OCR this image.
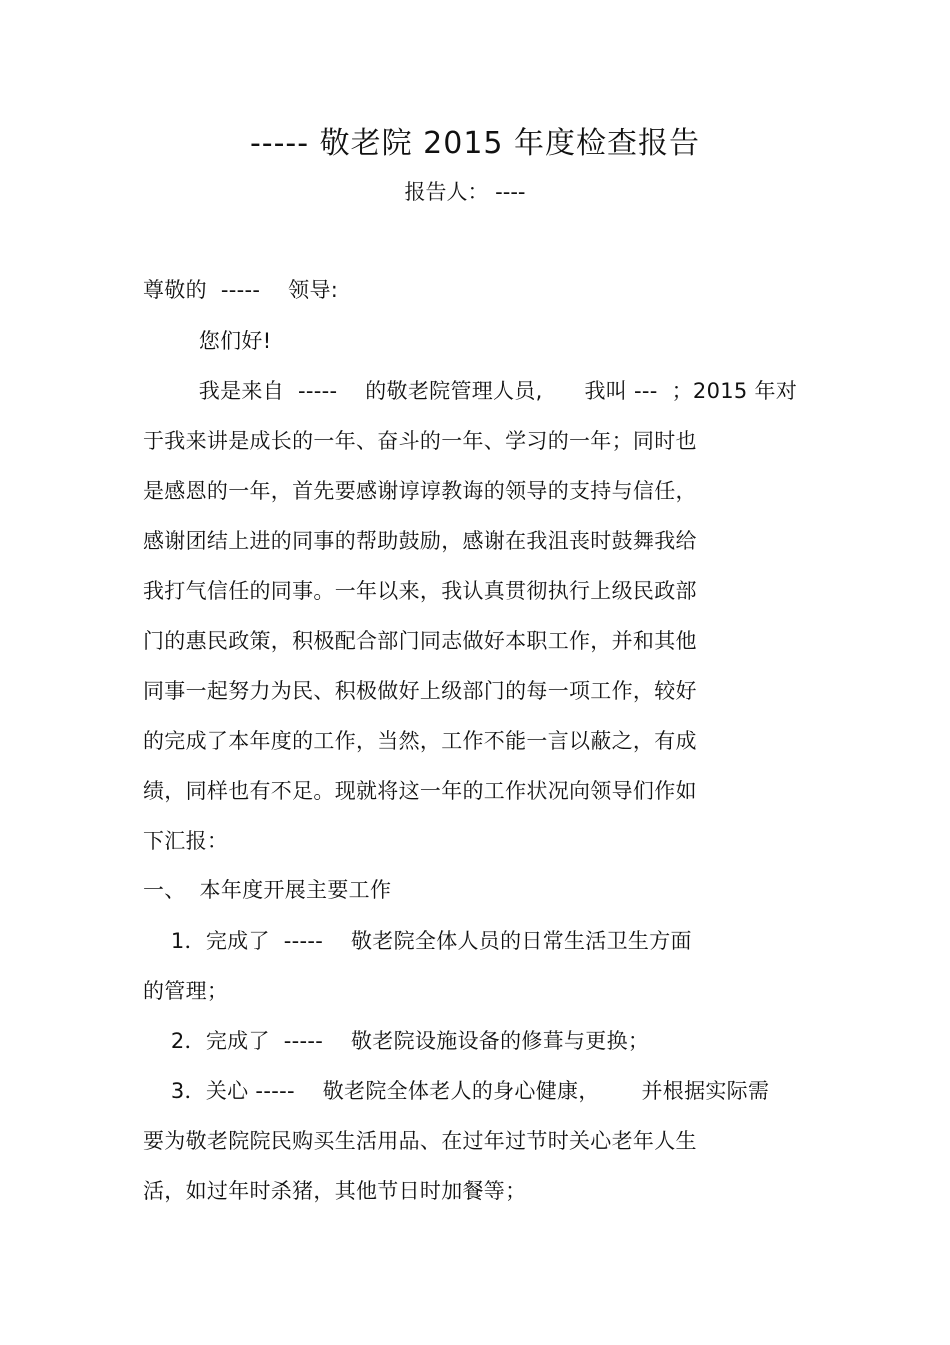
----- 敬老院 2015 年度检查报告
报告人： ----
尊敬的  -----    领导:
您们好!
我是来自  -----    的敬老院管理人员,      我叫 ---  ；2015 年对
于我来讲是成长的一年、奋斗的一年、学习的一年；同时也
是感恩的一年，首先要感谢谆谆教诲的领导的支持与信任，
感谢团结上进的同事的帮助鼓励，感谢在我沮丧时鼓舞我给
我打气信任的同事。一年以来，我认真贯彻执行上级民政部
门的惠民政策，积极配合部门同志做好本职工作，并和其他
同事一起努力为民、积极做好上级部门的每一项工作，较好
的完成了本年度的工作，当然，工作不能一言以蔽之，有成
绩，同样也有不足。现就将这一年的工作状况向领导们作如
下汇报：
一、  本年度开展主要工作
1．完成了  -----    敬老院全体人员的日常生活卫生方面
的管理；
2．完成了  -----    敬老院设施设备的修葺与更换；
3．关心 -----    敬老院全体老人的身心健康，      并根据实际需
要为敬老院院民购买生活用品、在过年过节时关心老年人生
活，如过年时杀猪，其他节日时加餐等；
